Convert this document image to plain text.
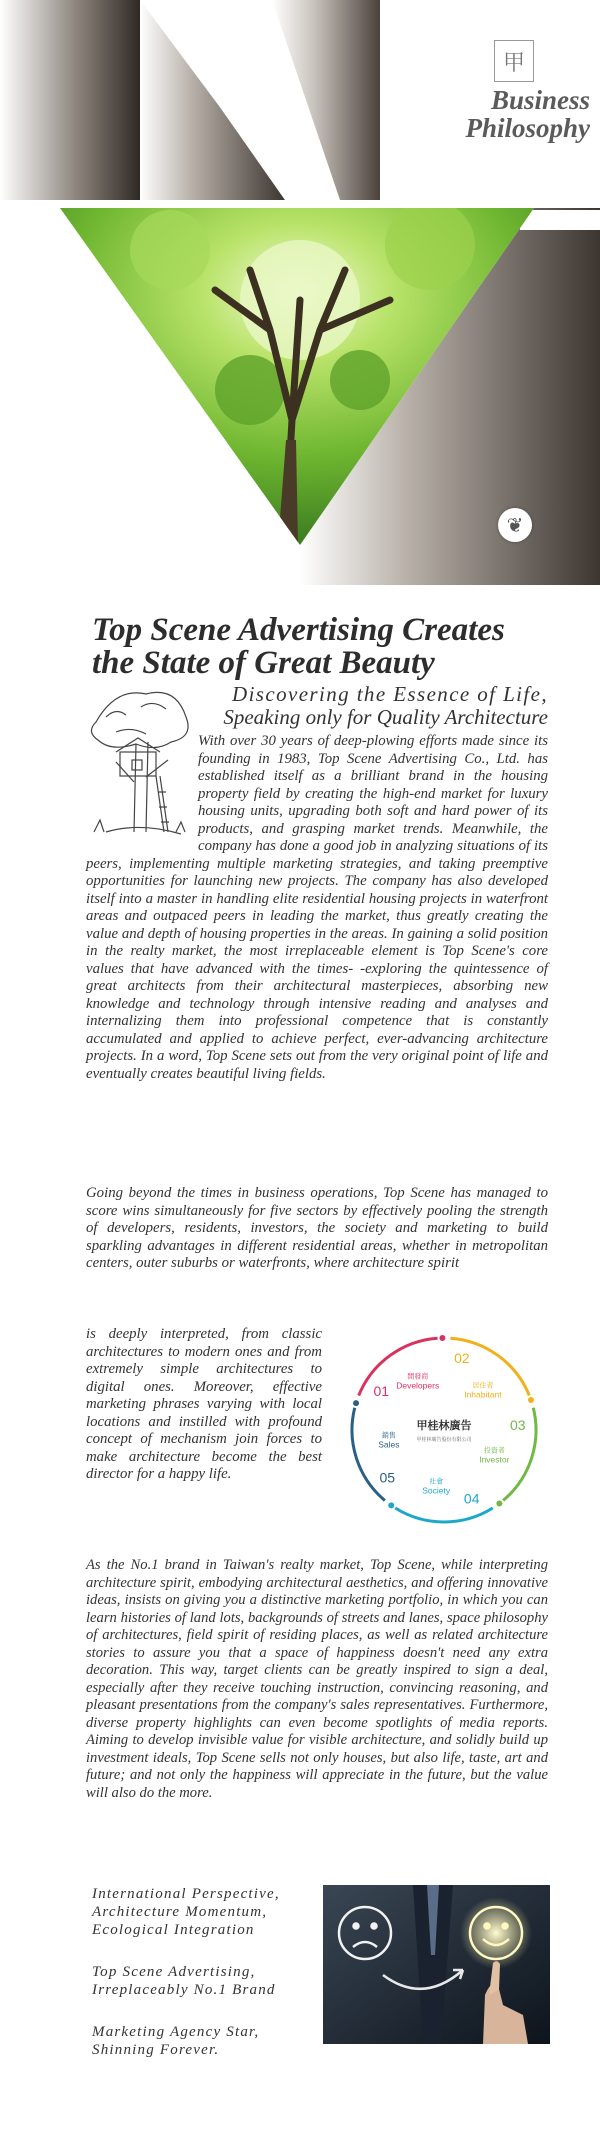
甲
Business
Philosophy
❦
Top Scene Advertising Creates
the State of Great Beauty
Discovering the Essence of Life,
Speaking only for Quality Architecture
With over 30 years of deep-plowing efforts made since its founding in 1983, Top Scene Advertising Co., Ltd. has established itself as a brilliant brand in the housing property field by creating the high-end market for luxury housing units, upgrading both soft and hard power of its products, and grasping market trends. Meanwhile, the company has done a good job in analyzing situations of its peers, implementing multiple marketing strategies, and taking preemptive opportunities for launching new projects. The company has also developed itself into a master in handling elite residential housing projects in waterfront areas and outpaced peers in leading the market, thus greatly creating the value and depth of housing properties in the areas. In gaining a solid position in the realty market, the most irreplaceable element is Top Scene's core values that have advanced with the times- -exploring the quintessence of great architects from their architectural masterpieces, absorbing new knowledge and technology through intensive reading and analyses and internalizing them into professional competence that is constantly accumulated and applied to achieve perfect, ever-advancing architecture projects. In a word, Top Scene sets out from the very original point of life and eventually creates beautiful living fields.
Going beyond the times in business operations, Top Scene has managed to score wins simultaneously for five sectors by effectively pooling the strength of developers, residents, investors, the society and marketing to build sparkling advantages in different residential areas, whether in metropolitan centers, outer suburbs or waterfronts, where architecture spirit
is deeply interpreted, from classic architectures to modern ones and from extremely simple architectures to digital ones. Moreover, effective marketing phrases varying with local locations and instilled with profound concept of mechanism join forces to make architecture become the best director for a happy life.
01
開發商
Developers
02
居住者
Inhabitant
03
投資者
Investor
04
社會
Society
05
銷售
Sales
甲桂林廣告
甲桂林廣告股份有限公司
As the No.1 brand in Taiwan's realty market, Top Scene, while interpreting architecture spirit, embodying architectural aesthetics, and offering innovative ideas, insists on giving you a distinctive marketing portfolio, in which you can learn histories of land lots, backgrounds of streets and lanes, space philosophy of architectures, field spirit of residing places, as well as related architecture stories to assure you that a space of happiness doesn't need any extra decoration. This way, target clients can be greatly inspired to sign a deal, especially after they receive touching instruction, convincing reasoning, and pleasant presentations from the company's sales representatives. Furthermore, diverse property highlights can even become spotlights of media reports. Aiming to develop invisible value for visible architecture, and solidly build up investment ideals, Top Scene sells not only houses, but also life, taste, art and future; and not only the happiness will appreciate in the future, but the value will also do the more.

International Perspective,
Architecture Momentum,
Ecological Integration

Top Scene Advertising,
Irreplaceably No.1 Brand

Marketing Agency Star,
Shinning Forever.
